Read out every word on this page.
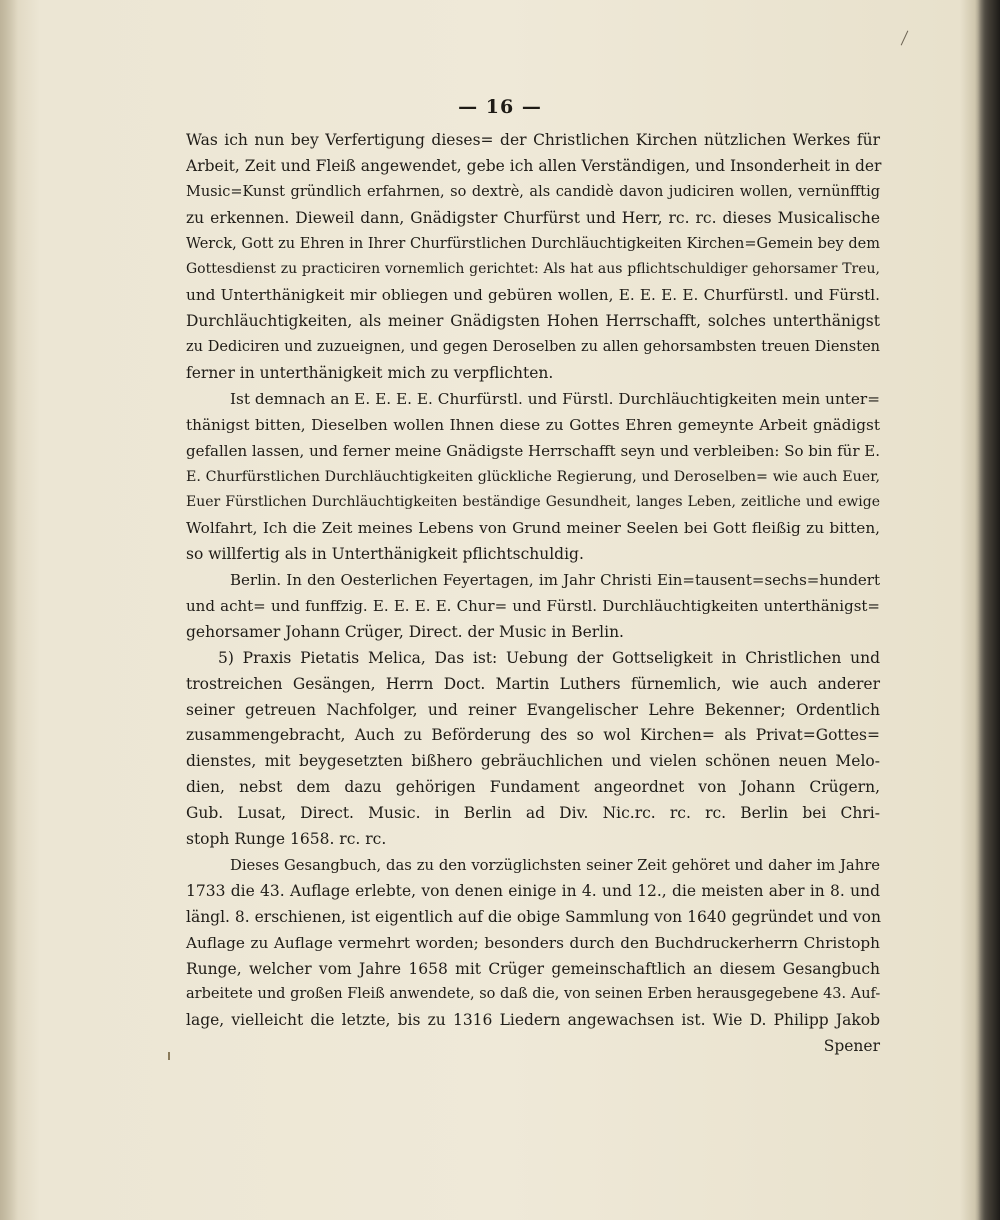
— 16 —
Was ich nun bey Verfertigung dieses= der Christlichen Kirchen nützlichen Werkes für
Arbeit, Zeit und Fleiß angewendet, gebe ich allen Verständigen, und Insonderheit in der
Music=Kunst gründlich erfahrnen, so dextrè, als candidè davon judiciren wollen, vernünfftig
zu erkennen. Dieweil dann, Gnädigster Churfürst und Herr, rc. rc. dieses Musicalische
Werck, Gott zu Ehren in Ihrer Churfürstlichen Durchläuchtigkeiten Kirchen=Gemein bey dem
Gottesdienst zu practiciren vornemlich gerichtet: Als hat aus pflichtschuldiger gehorsamer Treu,
und Unterthänigkeit mir obliegen und gebüren wollen, E. E. E. E. Churfürstl. und Fürstl.
Durchläuchtigkeiten, als meiner Gnädigsten Hohen Herrschafft, solches unterthänigst
zu Dediciren und zuzueignen, und gegen Deroselben zu allen gehorsambsten treuen Diensten
ferner in unterthänigkeit mich zu verpflichten.
Ist demnach an E. E. E. E. Churfürstl. und Fürstl. Durchläuchtigkeiten mein unter=
thänigst bitten, Dieselben wollen Ihnen diese zu Gottes Ehren gemeynte Arbeit gnädigst
gefallen lassen, und ferner meine Gnädigste Herrschafft seyn und verbleiben: So bin für E.
E. Churfürstlichen Durchläuchtigkeiten glückliche Regierung, und Deroselben= wie auch Euer,
Euer Fürstlichen Durchläuchtigkeiten beständige Gesundheit, langes Leben, zeitliche und ewige
Wolfahrt, Ich die Zeit meines Lebens von Grund meiner Seelen bei Gott fleißig zu bitten,
so willfertig als in Unterthänigkeit pflichtschuldig.
Berlin. In den Oesterlichen Feyertagen, im Jahr Christi Ein=tausent=sechs=hundert
und acht= und funffzig. E. E. E. E. Chur= und Fürstl. Durchläuchtigkeiten unterthänigst=
gehorsamer Johann Crüger, Direct. der Music in Berlin.
5) Praxis Pietatis Melica, Das ist: Uebung der Gottseligkeit in Christlichen und
trostreichen Gesängen, Herrn Doct. Martin Luthers fürnemlich, wie auch anderer
seiner getreuen Nachfolger, und reiner Evangelischer Lehre Bekenner; Ordentlich
zusammengebracht, Auch zu Beförderung des so wol Kirchen= als Privat=Gottes=
dienstes, mit beygesetzten bißhero gebräuchlichen und vielen schönen neuen Melo-
dien, nebst dem dazu gehörigen Fundament angeordnet von Johann Crügern,
Gub. Lusat, Direct. Music. in Berlin ad Div. Nic.rc. rc. rc. Berlin bei Chri-
stoph Runge 1658. rc. rc.
Dieses Gesangbuch, das zu den vorzüglichsten seiner Zeit gehöret und daher im Jahre
1733 die 43. Auflage erlebte, von denen einige in 4. und 12., die meisten aber in 8. und
längl. 8. erschienen, ist eigentlich auf die obige Sammlung von 1640 gegründet und von
Auflage zu Auflage vermehrt worden; besonders durch den Buchdruckerherrn Christoph
Runge, welcher vom Jahre 1658 mit Crüger gemeinschaftlich an diesem Gesangbuch
arbeitete und großen Fleiß anwendete, so daß die, von seinen Erben herausgegebene 43. Auf-
lage, vielleicht die letzte, bis zu 1316 Liedern angewachsen ist. Wie D. Philipp Jakob
Spener
